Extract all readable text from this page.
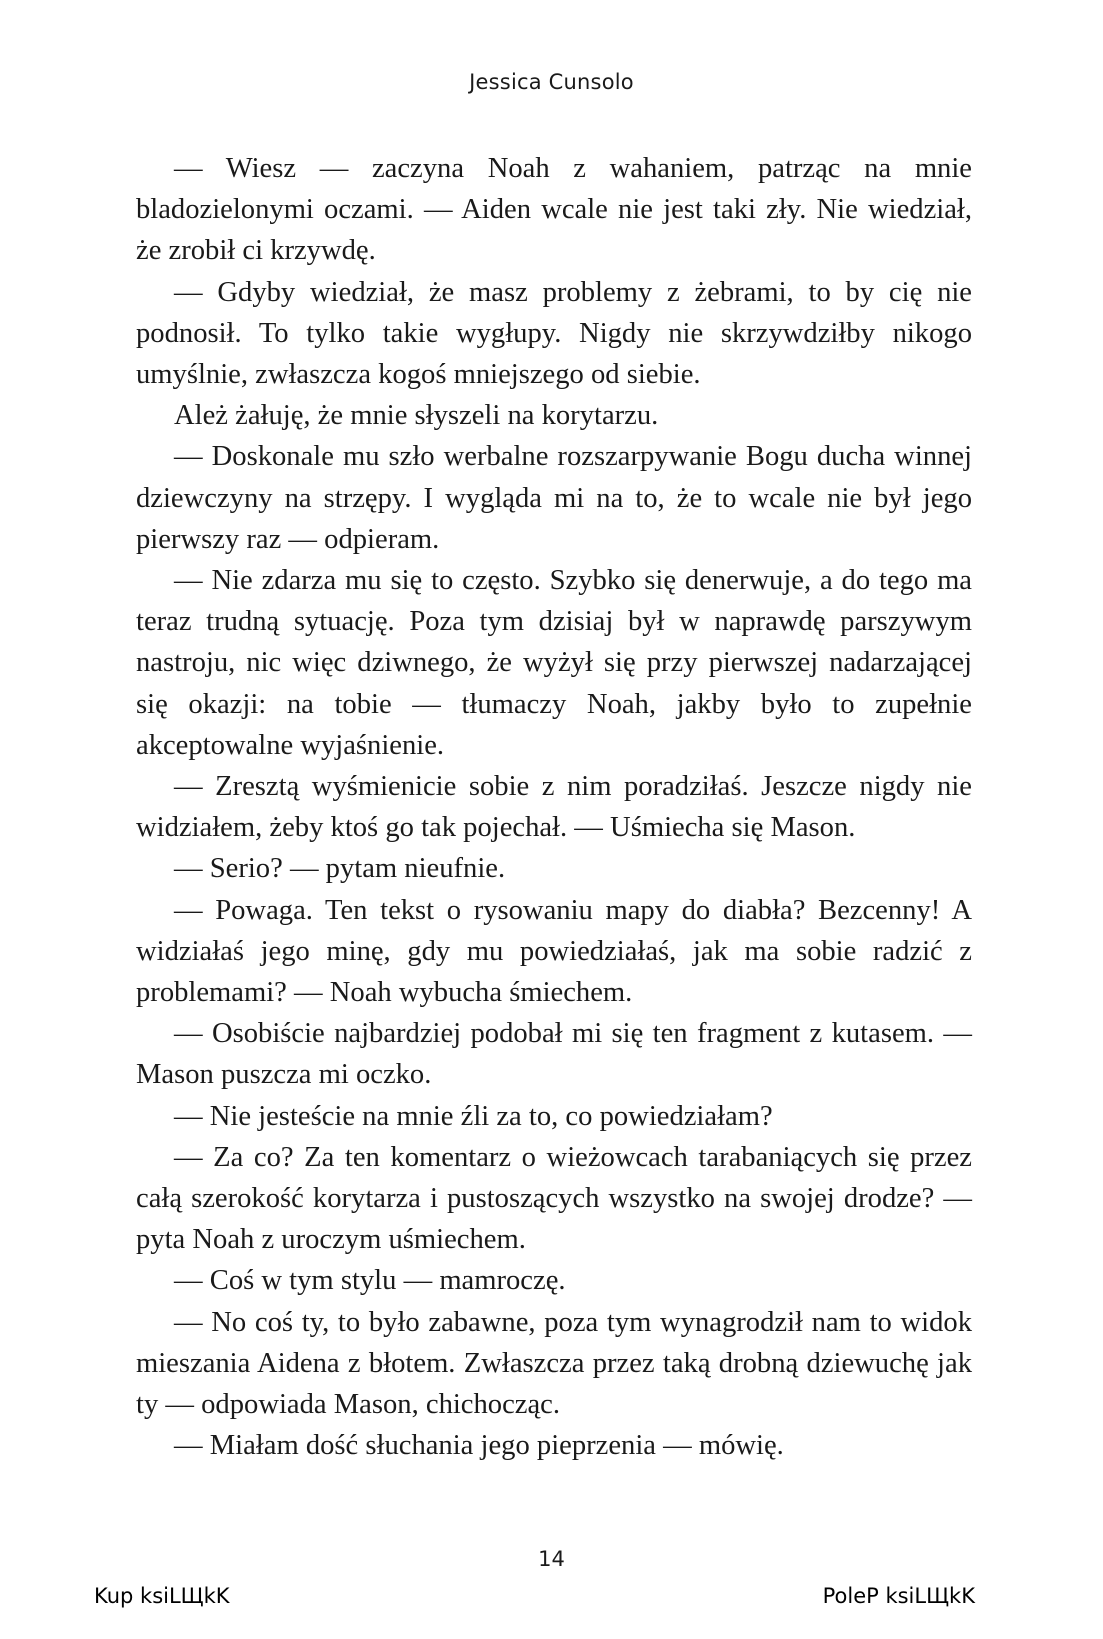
Jessica Cunsolo

— Wiesz — zaczyna Noah z wahaniem, patrząc na mnie bladozielonymi oczami. — Aiden wcale nie jest taki zły. Nie wiedział, że zrobił ci krzywdę.

— Gdyby wiedział, że masz problemy z żebrami, to by cię nie podnosił. To tylko takie wygłupy. Nigdy nie skrzywdziłby nikogo umyślnie, zwłaszcza kogoś mniejszego od siebie.

Ależ żałuję, że mnie słyszeli na korytarzu.

— Doskonale mu szło werbalne rozszarpywanie Bogu ducha winnej dziewczyny na strzępy. I wygląda mi na to, że to wcale nie był jego pierwszy raz — odpieram.

— Nie zdarza mu się to często. Szybko się denerwuje, a do tego ma teraz trudną sytuację. Poza tym dzisiaj był w naprawdę parszywym nastroju, nic więc dziwnego, że wyżył się przy pierwszej nadarzającej się okazji: na tobie — tłumaczy Noah, jakby było to zupełnie akceptowalne wyjaśnienie.

— Zresztą wyśmienicie sobie z nim poradziłaś. Jeszcze nigdy nie widziałem, żeby ktoś go tak pojechał. — Uśmiecha się Mason.

— Serio? — pytam nieufnie.

— Powaga. Ten tekst o rysowaniu mapy do diabła? Bezcenny! A widziałaś jego minę, gdy mu powiedziałaś, jak ma sobie radzić z problemami? — Noah wybucha śmiechem.

— Osobiście najbardziej podobał mi się ten fragment z kutasem. — Mason puszcza mi oczko.

— Nie jesteście na mnie źli za to, co powiedziałam?

— Za co? Za ten komentarz o wieżowcach tarabaniących się przez całą szerokość korytarza i pustoszących wszystko na swojej drodze? — pyta Noah z uroczym uśmiechem.

— Coś w tym stylu — mamroczę.

— No coś ty, to było zabawne, poza tym wynagrodził nam to widok mieszania Aidena z błotem. Zwłaszcza przez taką drobną dziewuchę jak ty — odpowiada Mason, chichocząc.

— Miałam dość słuchania jego pieprzenia — mówię.

14
Kup ksiLЩkK	PoleP ksiLЩkK
